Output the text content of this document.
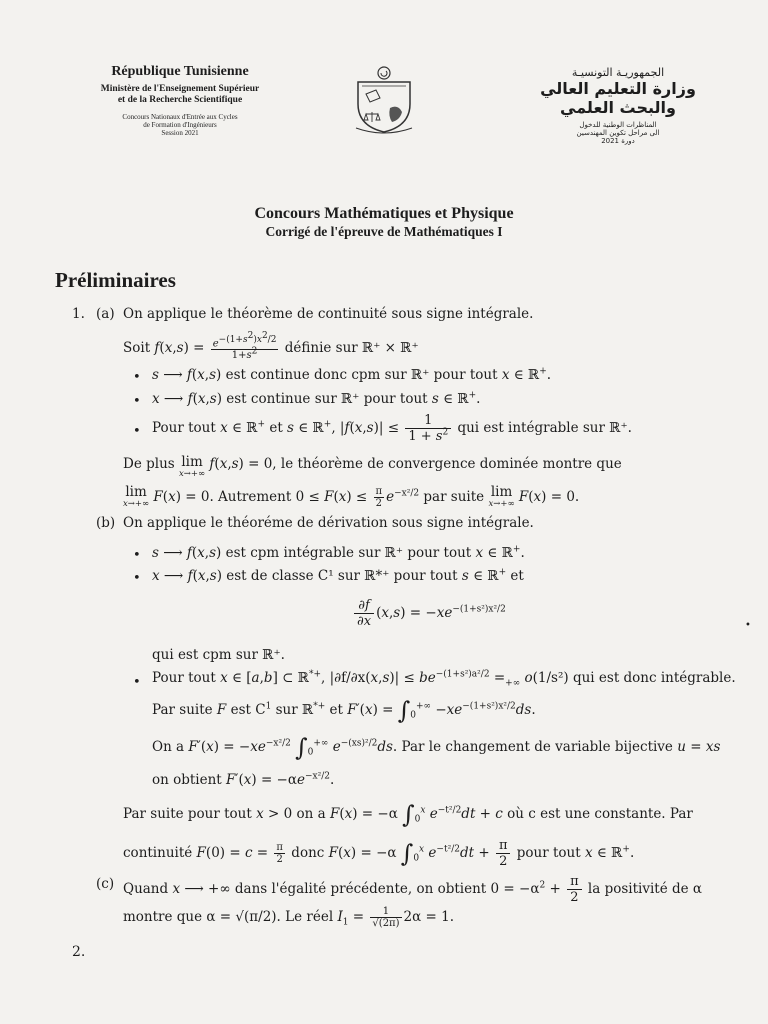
République Tunisienne
Ministère de l'Enseignement Supérieur
et de la Recherche Scientifique
Concours Nationaux d'Entrée aux Cycles
de Formation d'Ingénieurs
Session 2021
الجمهوريـة التونسيـة
وزارة التعليم العالي
والبحث العلمي
المناظرات الوطنية للدخول
الى مراحل تكوين المهندسين
دورة 2021
Concours Mathématiques et Physique
Corrigé de l'épreuve de Mathématiques I
Préliminaires
1. (a) On applique le théorème de continuité sous signe intégrale.
Soit $f(x,s) = \frac{e^{-(1+s^2)x^2/2}}{1+s^2}$ définie sur ℝ⁺ × ℝ⁺
• s ⟶ f(x,s) est continue donc cpm sur ℝ⁺ pour tout x ∈ ℝ+.
• x ⟶ f(x,s) est continue sur ℝ⁺ pour tout s ∈ ℝ+.
• Pour tout x ∈ ℝ+ et s ∈ ℝ+, $|f(x,s)| \le \frac{1}{1 + s^2}$ qui est intégrable sur ℝ⁺.
De plus lim
x→+∞
f(x,s) = 0, le théorème de convergence dominée montre que
lim
x→+∞ F(x) = 0. Autrement $0 \le F(x) \le \frac{\pi}{2} e^{-x^2/2}$ par suite lim
x→+∞ F(x) = 0.
(b) On applique le théoréme de dérivation sous signe intégrale.
• s ⟶ f(x,s) est cpm intégrable sur ℝ⁺ pour tout x ∈ ℝ+.
• x ⟶ f(x,s) est de classe C¹ sur ℝ*⁺ pour tout s ∈ ℝ+ et
$\frac{\partial f}{\partial x} (x,s) = -xe^{-(1+s^2)x^2/2}$
qui est cpm sur ℝ⁺.
• Pour tout x ∈ [a,b] ⊂ ℝ*+, $|\partial f/\partial x(x,s)| \le be^{-(1+s^2)a^2/2} =_{+\infty}$ o(1/s²) qui est donc intégrable.
Par suite F est $C^1$ sur ℝ*+ et $F'(x) = \int_0^{+\infty} -xe^{-(1+s^2)x^2/2}ds$.
On a $F'(x) = -xe^{-x^2/2}$ $\int_0^{+\infty}$ $e^{-(xs)^2/2}ds$. Par le changement de variable bijective u = xs
on obtient $F'(x) = -\alpha e^{-x^2/2}$.
Par suite pour tout x > 0 on a F(x) = −α $\int_0^x$ $e^{-t^2/2}dt + c$ où c est une constante. Par
continuité $F(0) = c = \frac{\pi}{2}$ donc F(x) = −α $\int_0^x$ $e^{-t^2/2}dt + \frac{\pi}{2}$ pour tout x ∈ ℝ+.
(c) Quand x ⟶ +∞ dans l'égalité précédente, on obtient $0 = -\alpha^2 + \frac{\pi}{2}$ la positivité de α
montre que α = √(π/2). Le réel $I_1 = \frac{1}{√(2\pi)} 2\alpha = 1$.
2.
•
